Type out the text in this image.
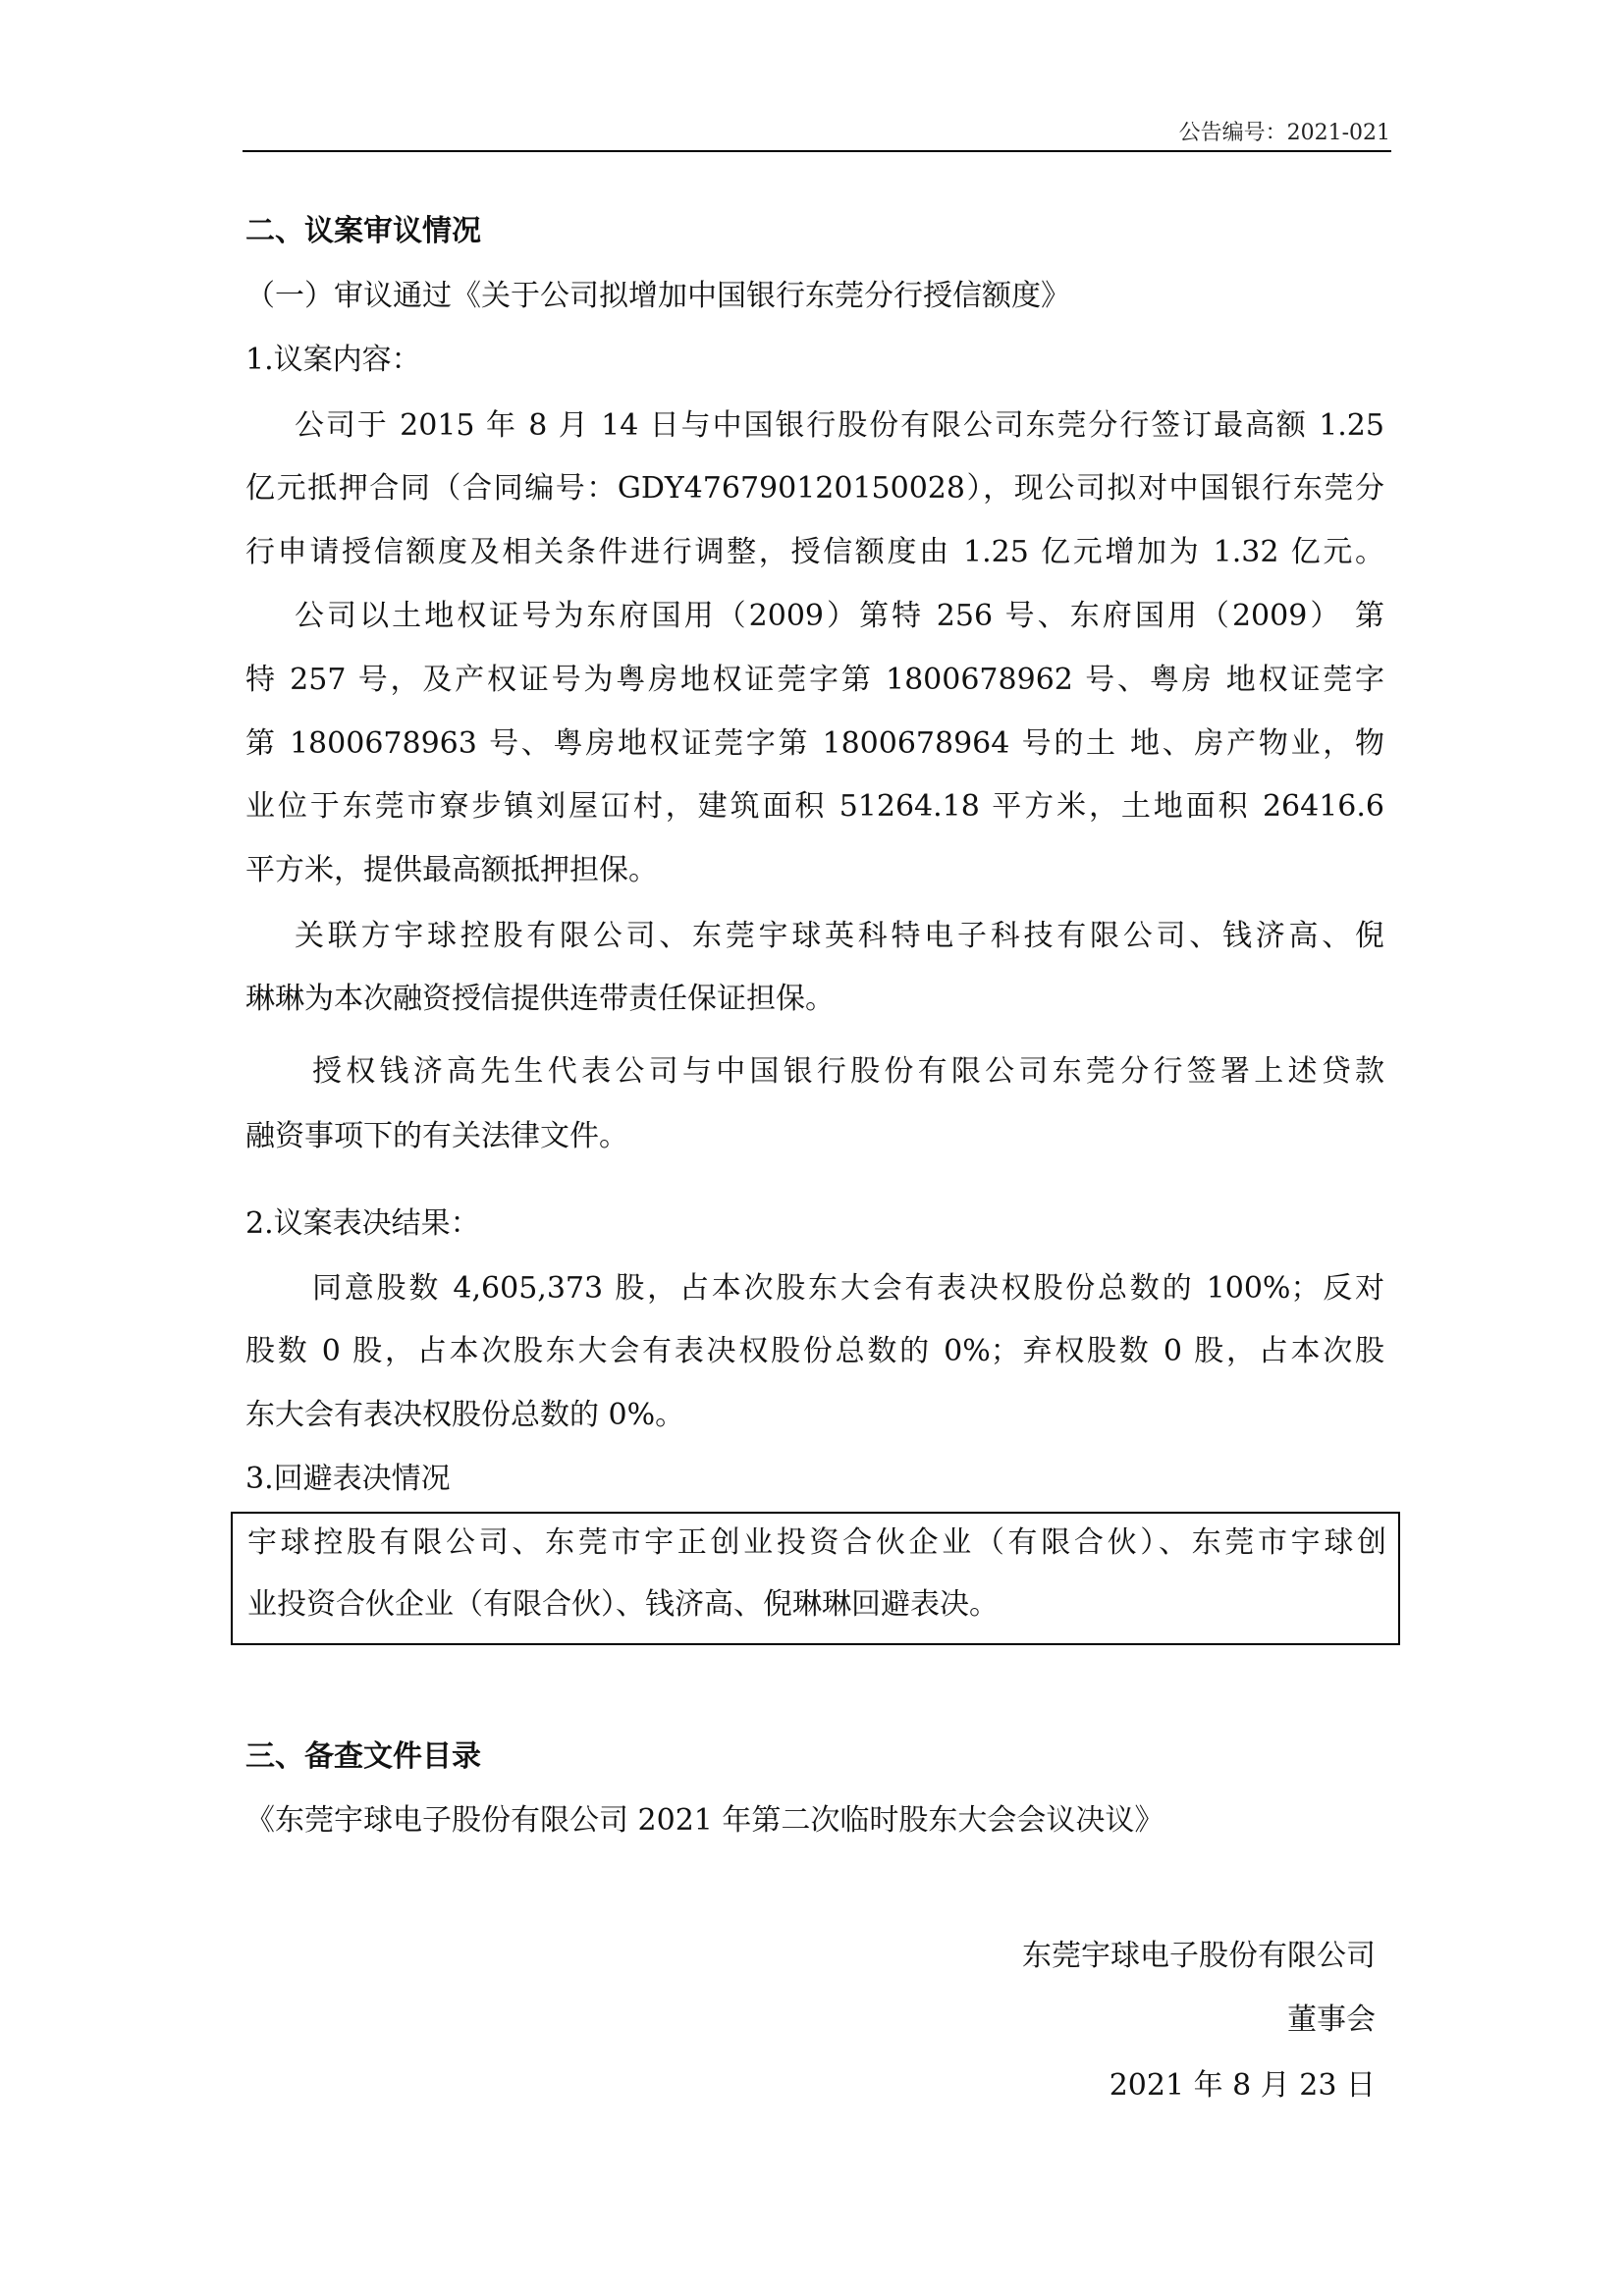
公告编号：2021-021
二、议案审议情况
（一）审议通过《关于公司拟增加中国银行东莞分行授信额度》
1.议案内容：
公司于 2015 年 8 月 14 日与中国银行股份有限公司东莞分行签订最高额 1.25
亿元抵押合同（合同编号：GDY476790120150028），现公司拟对中国银行东莞分
行申请授信额度及相关条件进行调整，授信额度由 1.25 亿元增加为 1.32 亿元。
公司以土地权证号为东府国用（2009）第特 256 号、东府国用（2009） 第
特 257 号，及产权证号为粤房地权证莞字第 1800678962 号、粤房 地权证莞字
第 1800678963 号、粤房地权证莞字第 1800678964 号的土 地、房产物业，物
业位于东莞市寮步镇刘屋冚村，建筑面积 51264.18 平方米，土地面积 26416.6
平方米，提供最高额抵押担保。
关联方宇球控股有限公司、东莞宇球英科特电子科技有限公司、钱济高、倪
琳琳为本次融资授信提供连带责任保证担保。
授权钱济高先生代表公司与中国银行股份有限公司东莞分行签署上述贷款
融资事项下的有关法律文件。
2.议案表决结果：
同意股数 4,605,373 股，占本次股东大会有表决权股份总数的 100%；反对
股数 0 股，占本次股东大会有表决权股份总数的 0%；弃权股数 0 股，占本次股
东大会有表决权股份总数的 0%。
3.回避表决情况
宇球控股有限公司、东莞市宇正创业投资合伙企业（有限合伙）、东莞市宇球创
业投资合伙企业（有限合伙）、钱济高、倪琳琳回避表决。
三、备查文件目录
《东莞宇球电子股份有限公司 2021 年第二次临时股东大会会议决议》
东莞宇球电子股份有限公司
董事会
2021 年 8 月 23 日
